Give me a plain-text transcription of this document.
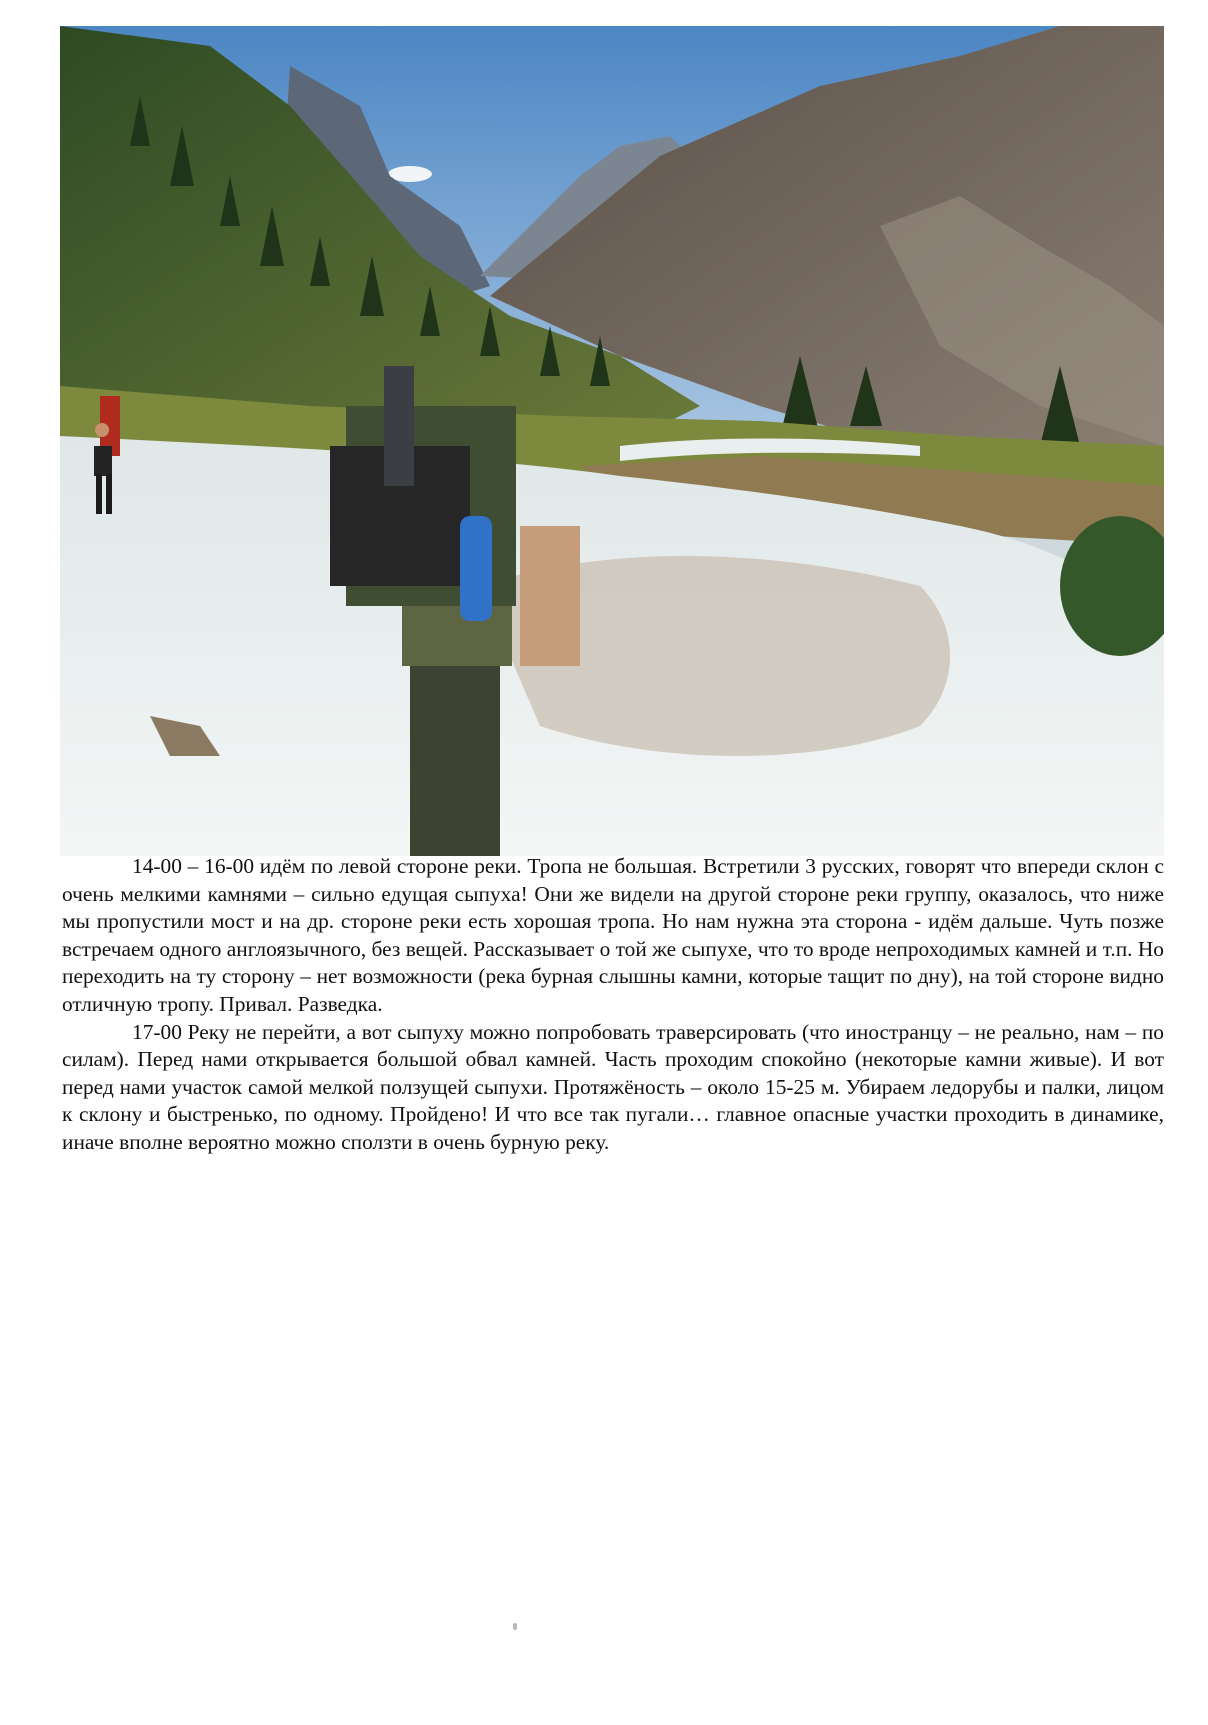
14-00 – 16-00 идём по левой стороне реки. Тропа не большая. Встретили 3 русских, говорят что впереди склон с очень мелкими камнями – сильно едущая сыпуха! Они же видели на другой стороне реки группу, оказалось, что ниже мы пропустили мост и на др. стороне реки есть хорошая тропа. Но нам нужна эта сторона - идём дальше. Чуть позже встречаем одного англоязычного, без вещей. Рассказывает о той же сыпухе, что то вроде непроходимых камней и т.п. Но переходить на ту сторону – нет возможности (река бурная слышны камни, которые тащит по дну), на той стороне видно отличную тропу. Привал. Разведка.

17-00 Реку не перейти, а вот сыпуху можно попробовать траверсировать (что иностранцу – не реально, нам – по силам). Перед нами открывается большой обвал камней. Часть проходим спокойно (некоторые камни живые). И вот перед нами участок самой мелкой ползущей сыпухи. Протяжёность – около 15-25 м. Убираем ледорубы и палки, лицом к склону и быстренько, по одному. Пройдено! И что все так пугали… главное опасные участки проходить в динамике, иначе вполне вероятно можно сползти в очень бурную реку.
